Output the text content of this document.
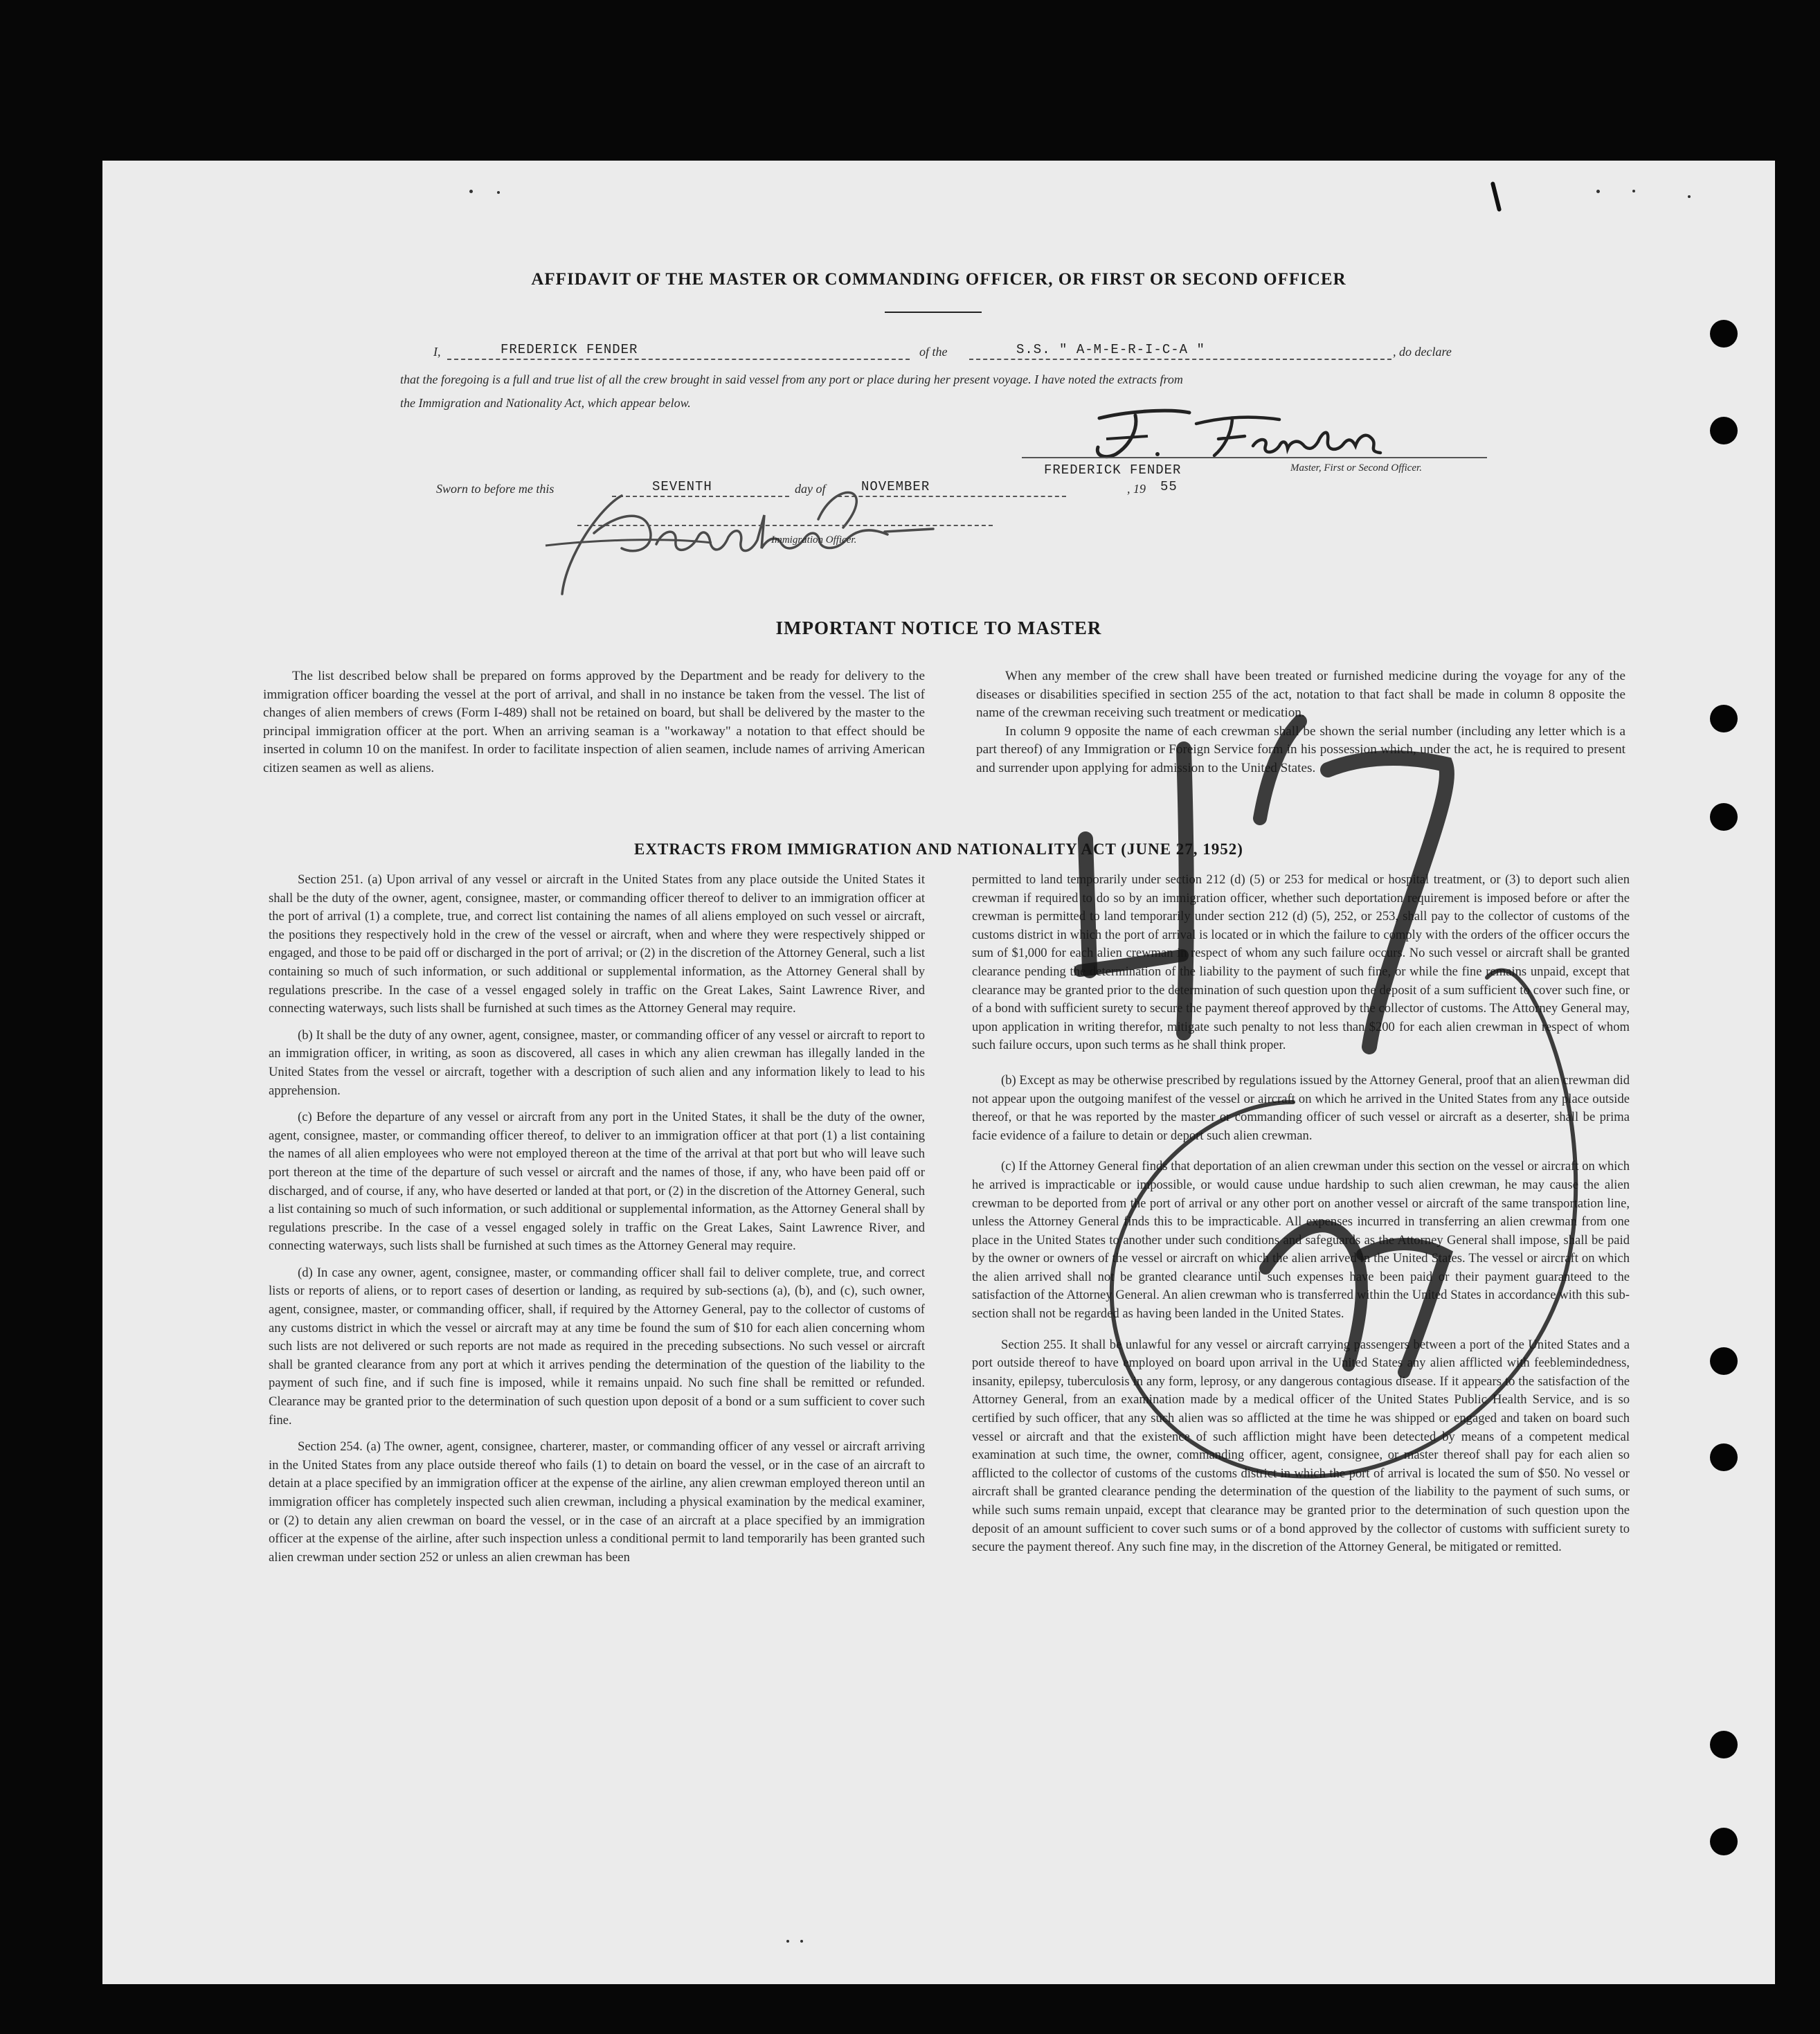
AFFIDAVIT OF THE MASTER OR COMMANDING OFFICER, OR FIRST OR SECOND OFFICER
I,	FREDERICK FENDER	of the	S.S. " A-M-E-R-I-C-A "	, do declare
that the foregoing is a full and true list of all the crew brought in said vessel from any port or place during her present voyage. I have noted the extracts from
the Immigration and Nationality Act, which appear below.
FREDERICK FENDER	Master, First or Second Officer.
Sworn to before me this	SEVENTH	day of	NOVEMBER	, 19 55
Immigration Officer.
IMPORTANT NOTICE TO MASTER

The list described below shall be prepared on forms approved by the Department and be ready for delivery to the immigration officer boarding the vessel at the port of arrival, and shall in no instance be taken from the vessel. The list of changes of alien members of crews (Form I-489) shall not be retained on board, but shall be delivered by the master to the principal immigration officer at the port. When an arriving seaman is a "workaway" a notation to that effect should be inserted in column 10 on the manifest. In order to facilitate inspection of alien seamen, include names of arriving American citizen seamen as well as aliens.

When any member of the crew shall have been treated or furnished medicine during the voyage for any of the diseases or disabilities specified in section 255 of the act, notation to that fact shall be made in column 8 opposite the name of the crewman receiving such treatment or medication.

In column 9 opposite the name of each crewman shall be shown the serial number (including any letter which is a part thereof) of any Immigration or Foreign Service form in his possession which, under the act, he is required to present and surrender upon applying for admission to the United States.

EXTRACTS FROM IMMIGRATION AND NATIONALITY ACT (JUNE 27, 1952)

Section 251. (a) Upon arrival of any vessel or aircraft in the United States from any place outside the United States it shall be the duty of the owner, agent, consignee, master, or commanding officer thereof to deliver to an immigration officer at the port of arrival (1) a complete, true, and correct list containing the names of all aliens employed on such vessel or aircraft, the positions they respectively hold in the crew of the vessel or aircraft, when and where they were respectively shipped or engaged, and those to be paid off or discharged in the port of arrival; or (2) in the discretion of the Attorney General, such a list containing so much of such information, or such additional or supplemental information, as the Attorney General shall by regulations prescribe. In the case of a vessel engaged solely in traffic on the Great Lakes, Saint Lawrence River, and connecting waterways, such lists shall be furnished at such times as the Attorney General may require.

(b) It shall be the duty of any owner, agent, consignee, master, or commanding officer of any vessel or aircraft to report to an immigration officer, in writing, as soon as discovered, all cases in which any alien crewman has illegally landed in the United States from the vessel or aircraft, together with a description of such alien and any information likely to lead to his apprehension.

(c) Before the departure of any vessel or aircraft from any port in the United States, it shall be the duty of the owner, agent, consignee, master, or commanding officer thereof, to deliver to an immigration officer at that port (1) a list containing the names of all alien employees who were not employed thereon at the time of the arrival at that port but who will leave such port thereon at the time of the departure of such vessel or aircraft and the names of those, if any, who have been paid off or discharged, and of course, if any, who have deserted or landed at that port, or (2) in the discretion of the Attorney General, such a list containing so much of such information, or such additional or supplemental information, as the Attorney General shall by regulations prescribe. In the case of a vessel engaged solely in traffic on the Great Lakes, Saint Lawrence River, and connecting waterways, such lists shall be furnished at such times as the Attorney General may require.

(d) In case any owner, agent, consignee, master, or commanding officer shall fail to deliver complete, true, and correct lists or reports of aliens, or to report cases of desertion or landing, as required by sub-sections (a), (b), and (c), such owner, agent, consignee, master, or commanding officer, shall, if required by the Attorney General, pay to the collector of customs of any customs district in which the vessel or aircraft may at any time be found the sum of $10 for each alien concerning whom such lists are not delivered or such reports are not made as required in the preceding subsections. No such vessel or aircraft shall be granted clearance from any port at which it arrives pending the determination of the question of the liability to the payment of such fine, and if such fine is imposed, while it remains unpaid. No such fine shall be remitted or refunded. Clearance may be granted prior to the determination of such question upon deposit of a bond or a sum sufficient to cover such fine.

Section 254. (a) The owner, agent, consignee, charterer, master, or commanding officer of any vessel or aircraft arriving in the United States from any place outside thereof who fails (1) to detain on board the vessel, or in the case of an aircraft to detain at a place specified by an immigration officer at the expense of the airline, any alien crewman employed thereon until an immigration officer has completely inspected such alien crewman, including a physical examination by the medical examiner, or (2) to detain any alien crewman on board the vessel, or in the case of an aircraft at a place specified by an immigration officer at the expense of the airline, after such inspection unless a conditional permit to land temporarily has been granted such alien crewman under section 252 or unless an alien crewman has been

permitted to land temporarily under section 212 (d) (5) or 253 for medical or hospital treatment, or (3) to deport such alien crewman if required to do so by an immigration officer, whether such deportation requirement is imposed before or after the crewman is permitted to land temporarily under section 212 (d) (5), 252, or 253, shall pay to the collector of customs of the customs district in which the port of arrival is located or in which the failure to comply with the orders of the officer occurs the sum of $1,000 for each alien crewman in respect of whom any such failure occurs. No such vessel or aircraft shall be granted clearance pending the determination of the liability to the payment of such fine, or while the fine remains unpaid, except that clearance may be granted prior to the determination of such question upon the deposit of a sum sufficient to cover such fine, or of a bond with sufficient surety to secure the payment thereof approved by the collector of customs. The Attorney General may, upon application in writing therefor, mitigate such penalty to not less than $200 for each alien crewman in respect of whom such failure occurs, upon such terms as he shall think proper.

(b) Except as may be otherwise prescribed by regulations issued by the Attorney General, proof that an alien crewman did not appear upon the outgoing manifest of the vessel or aircraft on which he arrived in the United States from any place outside thereof, or that he was reported by the master or commanding officer of such vessel or aircraft as a deserter, shall be prima facie evidence of a failure to detain or deport such alien crewman.

(c) If the Attorney General finds that deportation of an alien crewman under this section on the vessel or aircraft on which he arrived is impracticable or impossible, or would cause undue hardship to such alien crewman, he may cause the alien crewman to be deported from the port of arrival or any other port on another vessel or aircraft of the same transportation line, unless the Attorney General finds this to be impracticable. All expenses incurred in transferring an alien crewman from one place in the United States to another under such conditions and safeguards as the Attorney General shall impose, shall be paid by the owner or owners of the vessel or aircraft on which the alien arrived in the United States. The vessel or aircraft on which the alien arrived shall not be granted clearance until such expenses have been paid or their payment guaranteed to the satisfaction of the Attorney General. An alien crewman who is transferred within the United States in accordance with this sub-section shall not be regarded as having been landed in the United States.

Section 255. It shall be unlawful for any vessel or aircraft carrying passengers between a port of the United States and a port outside thereof to have employed on board upon arrival in the United States any alien afflicted with feeblemindedness, insanity, epilepsy, tuberculosis in any form, leprosy, or any dangerous contagious disease. If it appears to the satisfaction of the Attorney General, from an examination made by a medical officer of the United States Public Health Service, and is so certified by such officer, that any such alien was so afflicted at the time he was shipped or engaged and taken on board such vessel or aircraft and that the existence of such affliction might have been detected by means of a competent medical examination at such time, the owner, commanding officer, agent, consignee, or master thereof shall pay for each alien so afflicted to the collector of customs of the customs district in which the port of arrival is located the sum of $50. No vessel or aircraft shall be granted clearance pending the determination of the question of the liability to the payment of such sums, or while such sums remain unpaid, except that clearance may be granted prior to the determination of such question upon the deposit of an amount sufficient to cover such sums or of a bond approved by the collector of customs with sufficient surety to secure the payment thereof. Any such fine may, in the discretion of the Attorney General, be mitigated or remitted.
